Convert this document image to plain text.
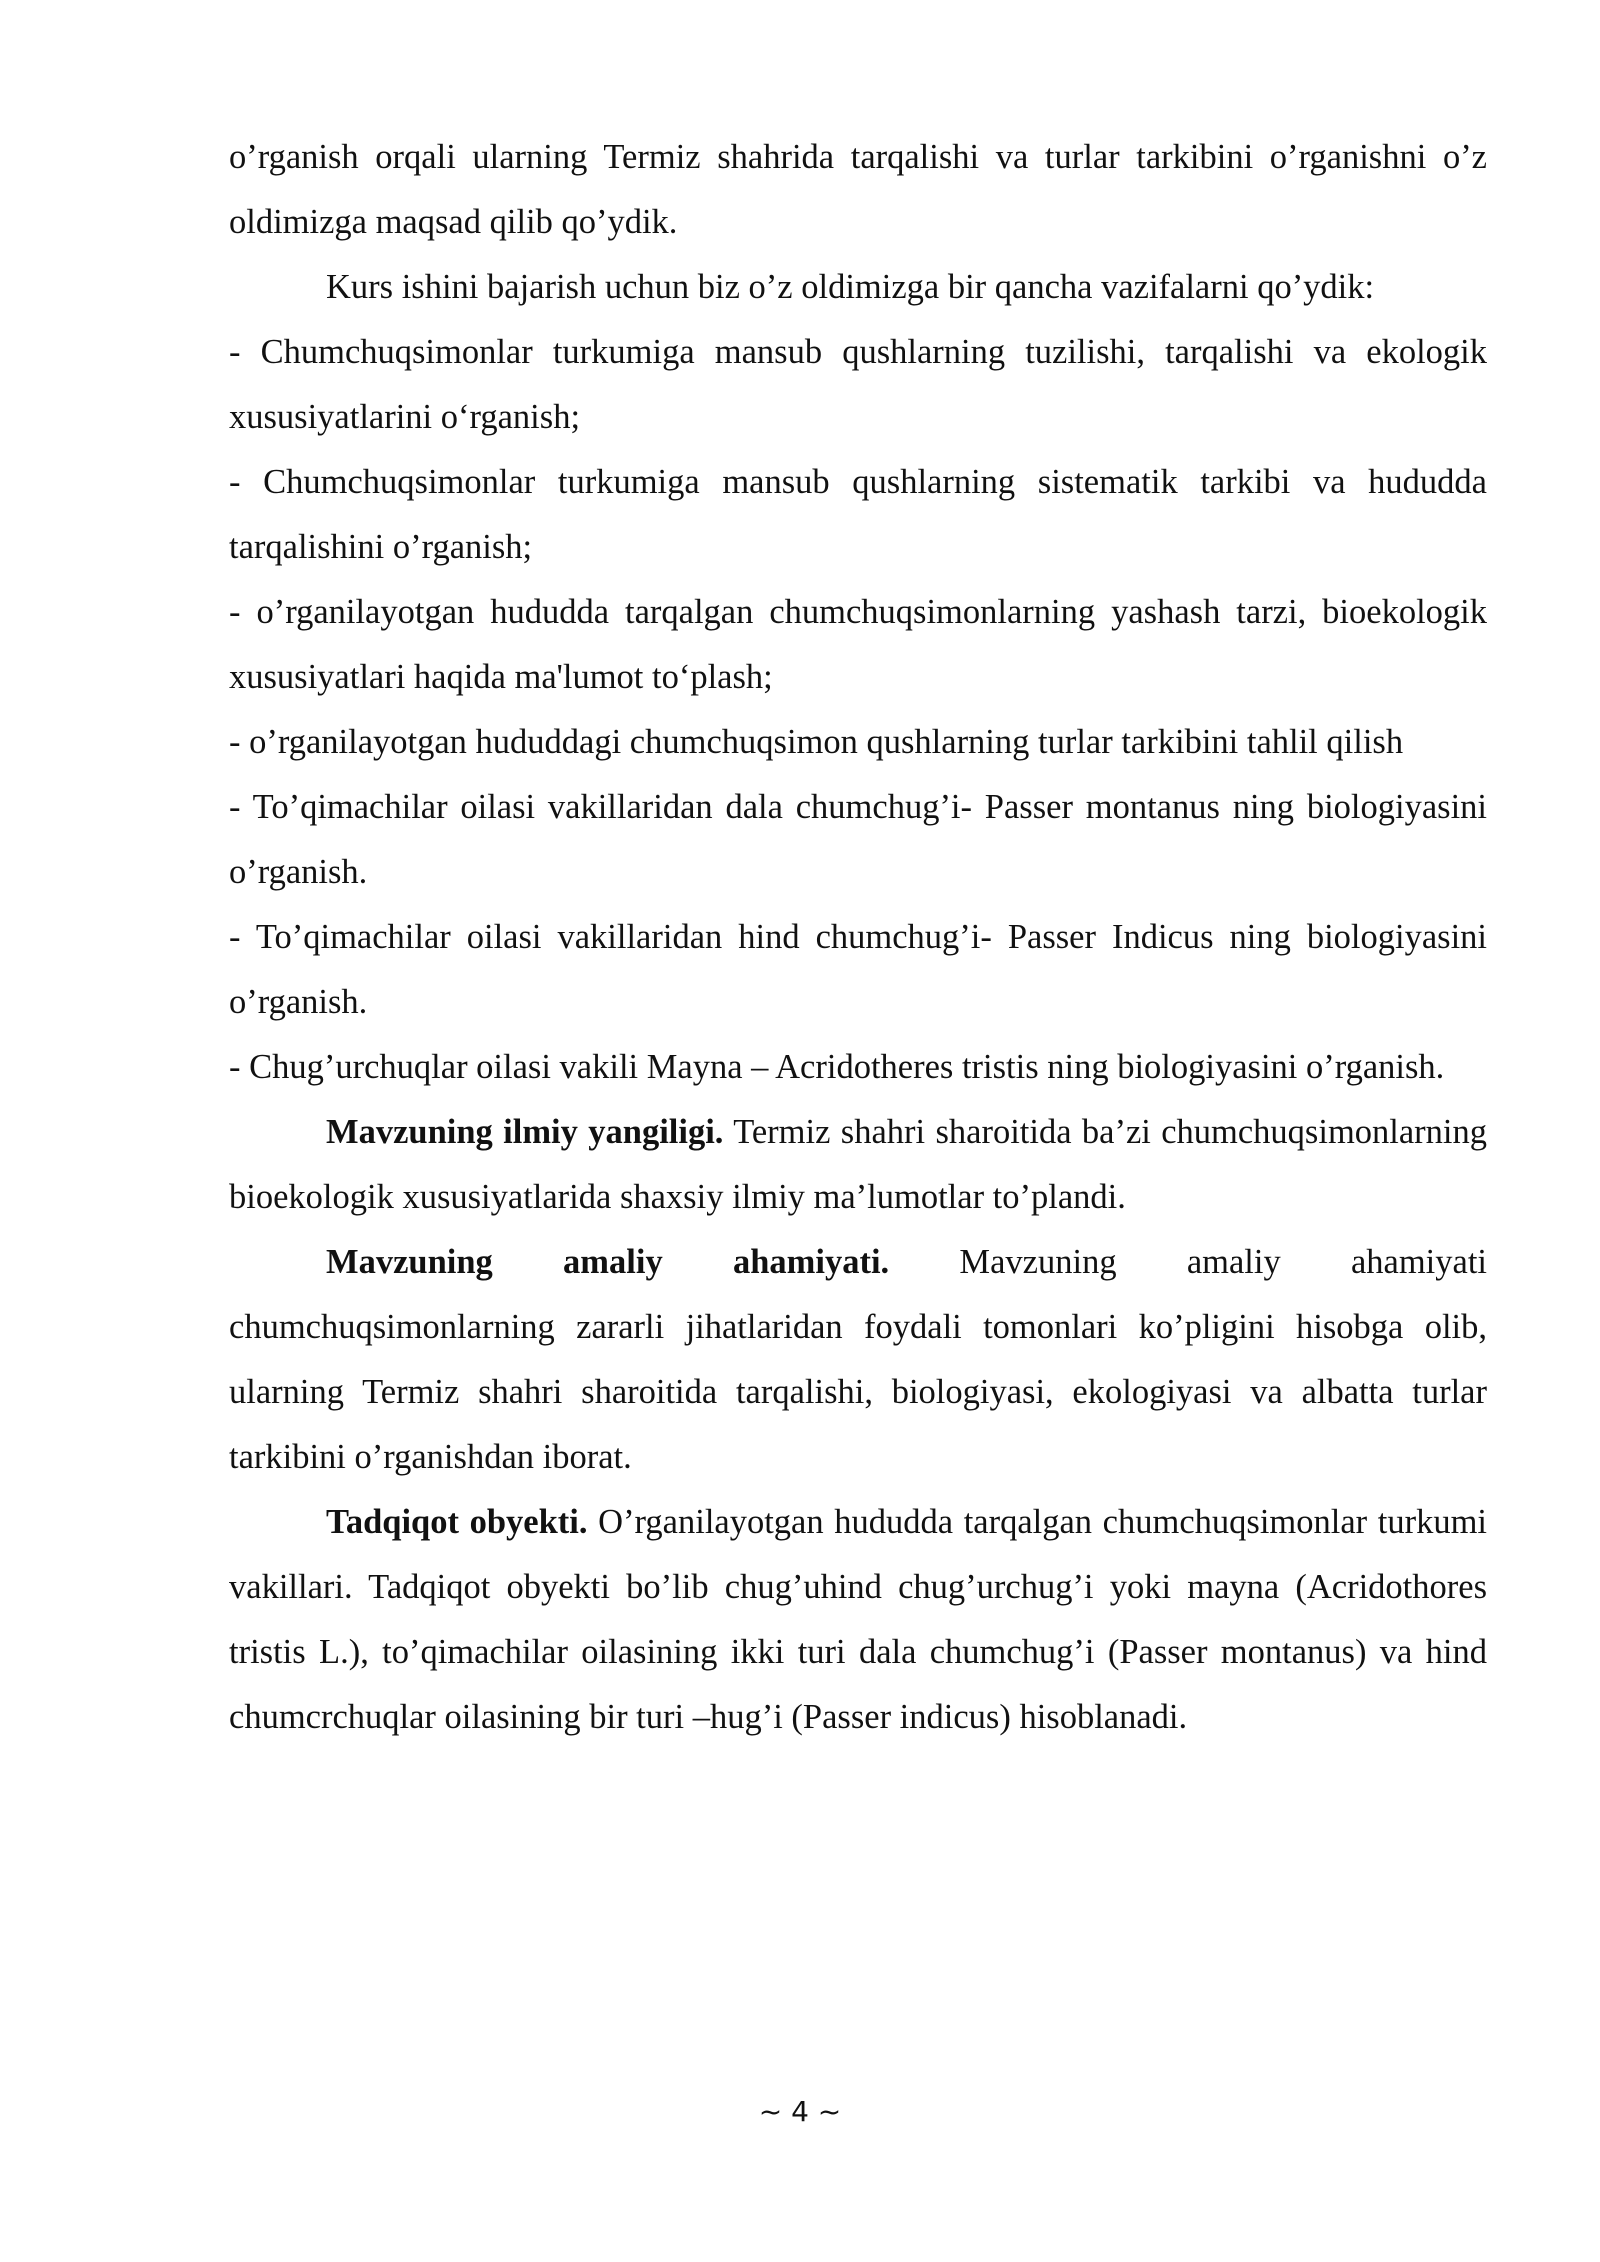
o’rganish orqali ularning Termiz shahrida tarqalishi va turlar tarkibini o’rganishni o’z oldimizga maqsad qilib qo’ydik.

Kurs ishini bajarish uchun biz o’z oldimizga bir qancha vazifalarni qo’ydik:

- Chumchuqsimonlar turkumiga mansub qushlarning tuzilishi, tarqalishi va ekologik xususiyatlarini o‘rganish;

- Chumchuqsimonlar turkumiga mansub qushlarning sistematik tarkibi va hududda tarqalishini o’rganish;

- o’rganilayotgan hududda tarqalgan chumchuqsimonlarning yashash tarzi, bioekologik xususiyatlari haqida ma'lumot to‘plash;

- o’rganilayotgan hududdagi chumchuqsimon qushlarning turlar tarkibini tahlil qilish

- To’qimachilar oilasi vakillaridan dala chumchug’i- Passer montanus ning biologiyasini o’rganish.

- To’qimachilar oilasi vakillaridan hind chumchug’i- Passer Indicus ning biologiyasini o’rganish.

- Chug’urchuqlar oilasi vakili Mayna – Acridotheres tristis ning biologiyasini o’rganish.

Mavzuning ilmiy yangiligi. Termiz shahri sharoitida ba’zi chumchuqsimonlarning bioekologik xususiyatlarida shaxsiy ilmiy ma’lumotlar to’plandi.

Mavzuning amaliy ahamiyati. Mavzuning amaliy ahamiyati chumchuqsimonlarning zararli jihatlaridan foydali tomonlari ko’pligini hisobga olib, ularning Termiz shahri sharoitida tarqalishi, biologiyasi, ekologiyasi va albatta turlar tarkibini o’rganishdan iborat.

Tadqiqot obyekti. O’rganilayotgan hududda tarqalgan chumchuqsimonlar turkumi vakillari. Tadqiqot obyekti bo’lib chug’uhind chug’urchug’i yoki mayna (Acridothores tristis L.), to’qimachilar oilasining ikki turi dala chumchug’i (Passer montanus) va hind chumcrchuqlar oilasining bir turi –hug’i (Passer indicus) hisoblanadi.

~ 4 ~
